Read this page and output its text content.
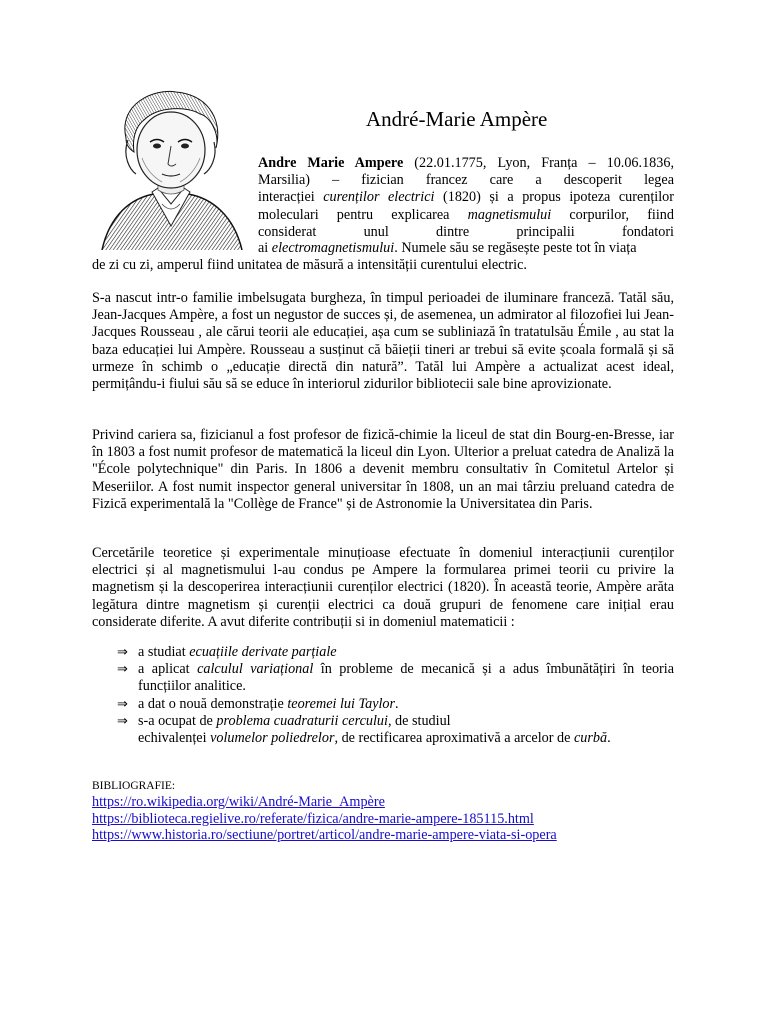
André-Marie Ampère
Andre Marie Ampere (22.01.1775, Lyon, Franța – 10.06.1836,
Marsilia) – fizician francez care a descoperit legea
interacției curenților electrici (1820) și a propus ipoteza curenților
moleculari pentru explicarea magnetismului corpurilor, fiind
considerat unul dintre principalii fondatori
ai electromagnetismului. Numele său se regăsește peste tot în viața
de zi cu zi, amperul fiind unitatea de măsură a intensității curentului electric.
S-a nascut intr-o familie imbelsugata burgheza, în timpul perioadei de iluminare franceză. Tatăl său, Jean-Jacques Ampère, a fost un negustor de succes și, de asemenea, un admirator al filozofiei lui Jean-Jacques Rousseau , ale cărui teorii ale educației, așa cum se subliniază în tratatulsău Émile , au stat la baza educației lui Ampère. Rousseau a susținut că băieții tineri ar trebui să evite școala formală și să urmeze în schimb o „educație directă din natură”. Tatăl lui Ampère a actualizat acest ideal, permițându-i fiului său să se educe în interiorul zidurilor bibliotecii sale bine aprovizionate.
Privind cariera sa, fizicianul a fost profesor de fizică-chimie la liceul de stat din Bourg-en-Bresse, iar în 1803 a fost numit profesor de matematică la liceul din Lyon. Ulterior a preluat catedra de Analiză la "École polytechnique" din Paris. In 1806 a devenit membru consultativ în Comitetul Artelor și Meseriilor. A fost numit inspector general universitar în 1808, un an mai târziu preluand catedra de Fizică experimentală la "Collège de France" și de Astronomie la Universitatea din Paris.
Cercetările teoretice și experimentale minuțioase efectuate în domeniul interacțiunii curenților electrici și al magnetismului l-au condus pe Ampere la formularea primei teorii cu privire la magnetism și la descoperirea interacțiunii curenților electrici (1820). În această teorie, Ampère arăta legătura dintre magnetism și curenții electrici ca două grupuri de fenomene care inițial erau considerate diferite. A avut diferite contribuții si in domeniul matematicii :
⇒ a studiat ecuațiile derivate parțiale
⇒ a aplicat calculul variațional în probleme de mecanică și a adus îmbunătățiri în teoria funcțiilor analitice.
⇒ a dat o nouă demonstrație teoremei lui Taylor.
⇒ s-a ocupat de problema cuadraturii cercului, de studiul
echivalenței volumelor poliedrelor, de rectificarea aproximativă a arcelor de curbă.
BIBLIOGRAFIE:
https://ro.wikipedia.org/wiki/André-Marie_Ampère
https://biblioteca.regielive.ro/referate/fizica/andre-marie-ampere-185115.html
https://www.historia.ro/sectiune/portret/articol/andre-marie-ampere-viata-si-opera
